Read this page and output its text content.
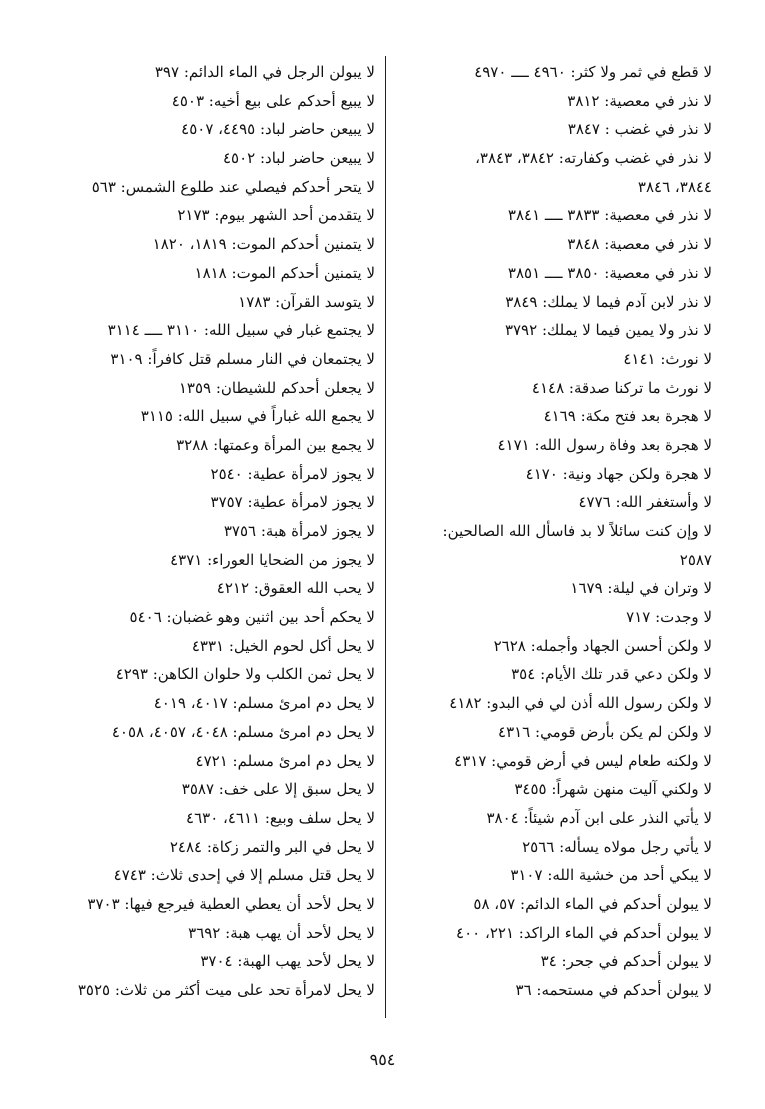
لا قطع في ثمر ولا كثر: ٤٩٦٠ ــــ ٤٩٧٠
لا نذر في معصية: ٣٨١٢
لا نذر في غضب : ٣٨٤٧
لا نذر في غضب وكفارته: ٣٨٤٢، ٣٨٤٣،
٣٨٤٤، ٣٨٤٦
لا نذر في معصية: ٣٨٣٣ ــــ ٣٨٤١
لا نذر في معصية: ٣٨٤٨
لا نذر في معصية: ٣٨٥٠ ــــ ٣٨٥١
لا نذر لابن آدم فيما لا يملك: ٣٨٤٩
لا نذر ولا يمين فيما لا يملك: ٣٧٩٢
لا نورث: ٤١٤١
لا نورث ما تركنا صدقة: ٤١٤٨
لا هجرة بعد فتح مكة: ٤١٦٩
لا هجرة بعد وفاة رسول الله: ٤١٧١
لا هجرة ولكن جهاد ونية: ٤١٧٠
لا وأستغفر الله: ٤٧٧٦
لا وإن كنت سائلاً لا بد فاسأل الله الصالحين:
٢٥٨٧
لا وتران في ليلة: ١٦٧٩
لا وجدت: ٧١٧
لا ولكن أحسن الجهاد وأجمله: ٢٦٢٨
لا ولكن دعي قدر تلك الأيام: ٣٥٤
لا ولكن رسول الله أذن لي في البدو: ٤١٨٢
لا ولكن لم يكن بأرض قومي: ٤٣١٦
لا ولكنه طعام ليس في أرض قومي: ٤٣١٧
لا ولكني آليت منهن شهراً: ٣٤٥٥
لا يأتي النذر على ابن آدم شيئاً: ٣٨٠٤
لا يأتي رجل مولاه يسأله: ٢٥٦٦
لا يبكي أحد من خشية الله: ٣١٠٧
لا يبولن أحدكم في الماء الدائم: ٥٧، ٥٨
لا يبولن أحدكم في الماء الراكد: ٢٢١، ٤٠٠
لا يبولن أحدكم في جحر: ٣٤
لا يبولن أحدكم في مستحمه: ٣٦
لا يبولن الرجل في الماء الدائم: ٣٩٧
لا يبيع أحدكم على بيع أخيه: ٤٥٠٣
لا يبيعن حاضر لباد: ٤٤٩٥، ٤٥٠٧
لا يبيعن حاضر لباد: ٤٥٠٢
لا يتحر أحدكم فيصلي عند طلوع الشمس: ٥٦٣
لا يتقدمن أحد الشهر بيوم: ٢١٧٣
لا يتمنين أحدكم الموت: ١٨١٩، ١٨٢٠
لا يتمنين أحدكم الموت: ١٨١٨
لا يتوسد القرآن: ١٧٨٣
لا يجتمع غبار في سبيل الله: ٣١١٠ ــــ ٣١١٤
لا يجتمعان في النار مسلم قتل كافراً: ٣١٠٩
لا يجعلن أحدكم للشيطان: ١٣٥٩
لا يجمع الله غباراً في سبيل الله: ٣١١٥
لا يجمع بين المرأة وعمتها: ٣٢٨٨
لا يجوز لامرأة عطية: ٢٥٤٠
لا يجوز لامرأة عطية: ٣٧٥٧
لا يجوز لامرأة هبة: ٣٧٥٦
لا يجوز من الضحايا العوراء: ٤٣٧١
لا يحب الله العقوق: ٤٢١٢
لا يحكم أحد بين اثنين وهو غضبان: ٥٤٠٦
لا يحل أكل لحوم الخيل: ٤٣٣١
لا يحل ثمن الكلب ولا حلوان الكاهن: ٤٢٩٣
لا يحل دم امرئ مسلم: ٤٠١٧، ٤٠١٩
لا يحل دم امرئ مسلم: ٤٠٤٨، ٤٠٥٧، ٤٠٥٨
لا يحل دم امرئ مسلم: ٤٧٢١
لا يحل سبق إلا على خف: ٣٥٨٧
لا يحل سلف وبيع: ٤٦١١، ٤٦٣٠
لا يحل في البر والتمر زكاة: ٢٤٨٤
لا يحل قتل مسلم إلا في إحدى ثلاث: ٤٧٤٣
لا يحل لأحد أن يعطي العطية فيرجع فيها: ٣٧٠٣
لا يحل لأحد أن يهب هبة: ٣٦٩٢
لا يحل لأحد يهب الهبة: ٣٧٠٤
لا يحل لامرأة تحد على ميت أكثر من ثلاث: ٣٥٢٥
٩٥٤
